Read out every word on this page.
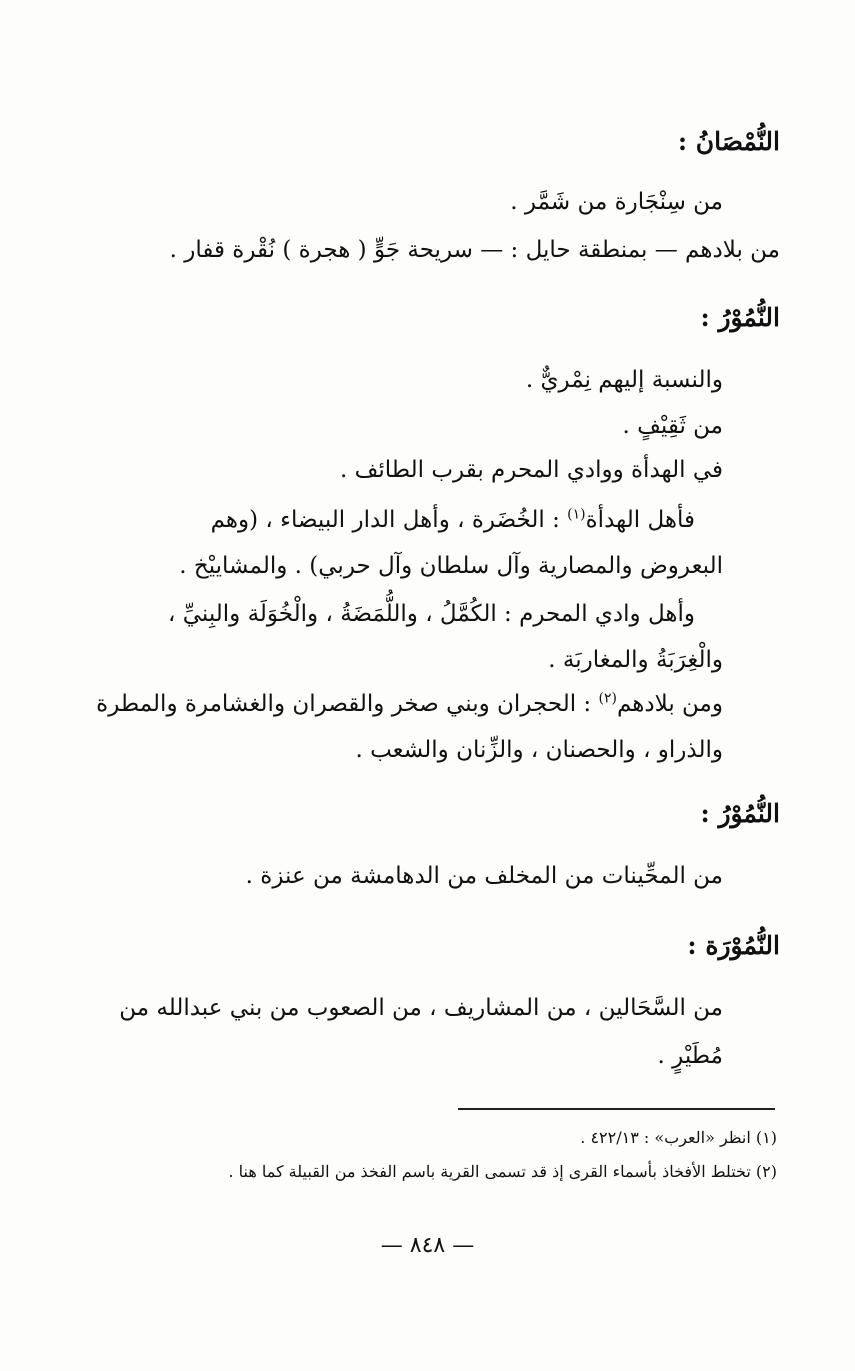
النُّمْصَانُ :
من سِنْجَارة من شَمَّر .
من بلادهم — بمنطقة حايل : — سريحة جَوٍّ ( هجرة ) نُقْرة قفار .
النُّمُوْرُ :
والنسبة إليهم نِمْريٌّ .
من ثَقِيْفٍ .
في الهدأة ووادي المحرم بقرب الطائف .
فأهل الهدأة$^{(١)}$ : الخُضَرة ، وأهل الدار البيضاء ، (وهم
البعروض والمصارية وآل سلطان وآل حربي) . والمشاييْخ .
وأهل وادي المحرم : الكُمَّلُ ، واللُّمَضَةُ ، والْخُوَلَة والبِنيِّ ،
والْغِرَبَةُ والمغاربَة .
ومن بلادهم$^{(٢)}$ : الحجران وبني صخر والقصران والغشامرة والمطرة
والذراو ، والحصنان ، والزِّنان والشعب .
النُّمُوْرُ :
من المحِّينات من المخلف من الدهامشة من عنزة .
النُّمُوْرَة :
من السَّحَالين ، من المشاريف ، من الصعوب من بني عبدالله من
مُطَيْرٍ .
(١) انظر «العرب» : ٤٢٢/١٣ .
(٢) تختلط الأفخاذ بأسماء القرى إذ قد تسمى القرية باسم الفخذ من القبيلة كما هنا .
— ٨٤٨ —
